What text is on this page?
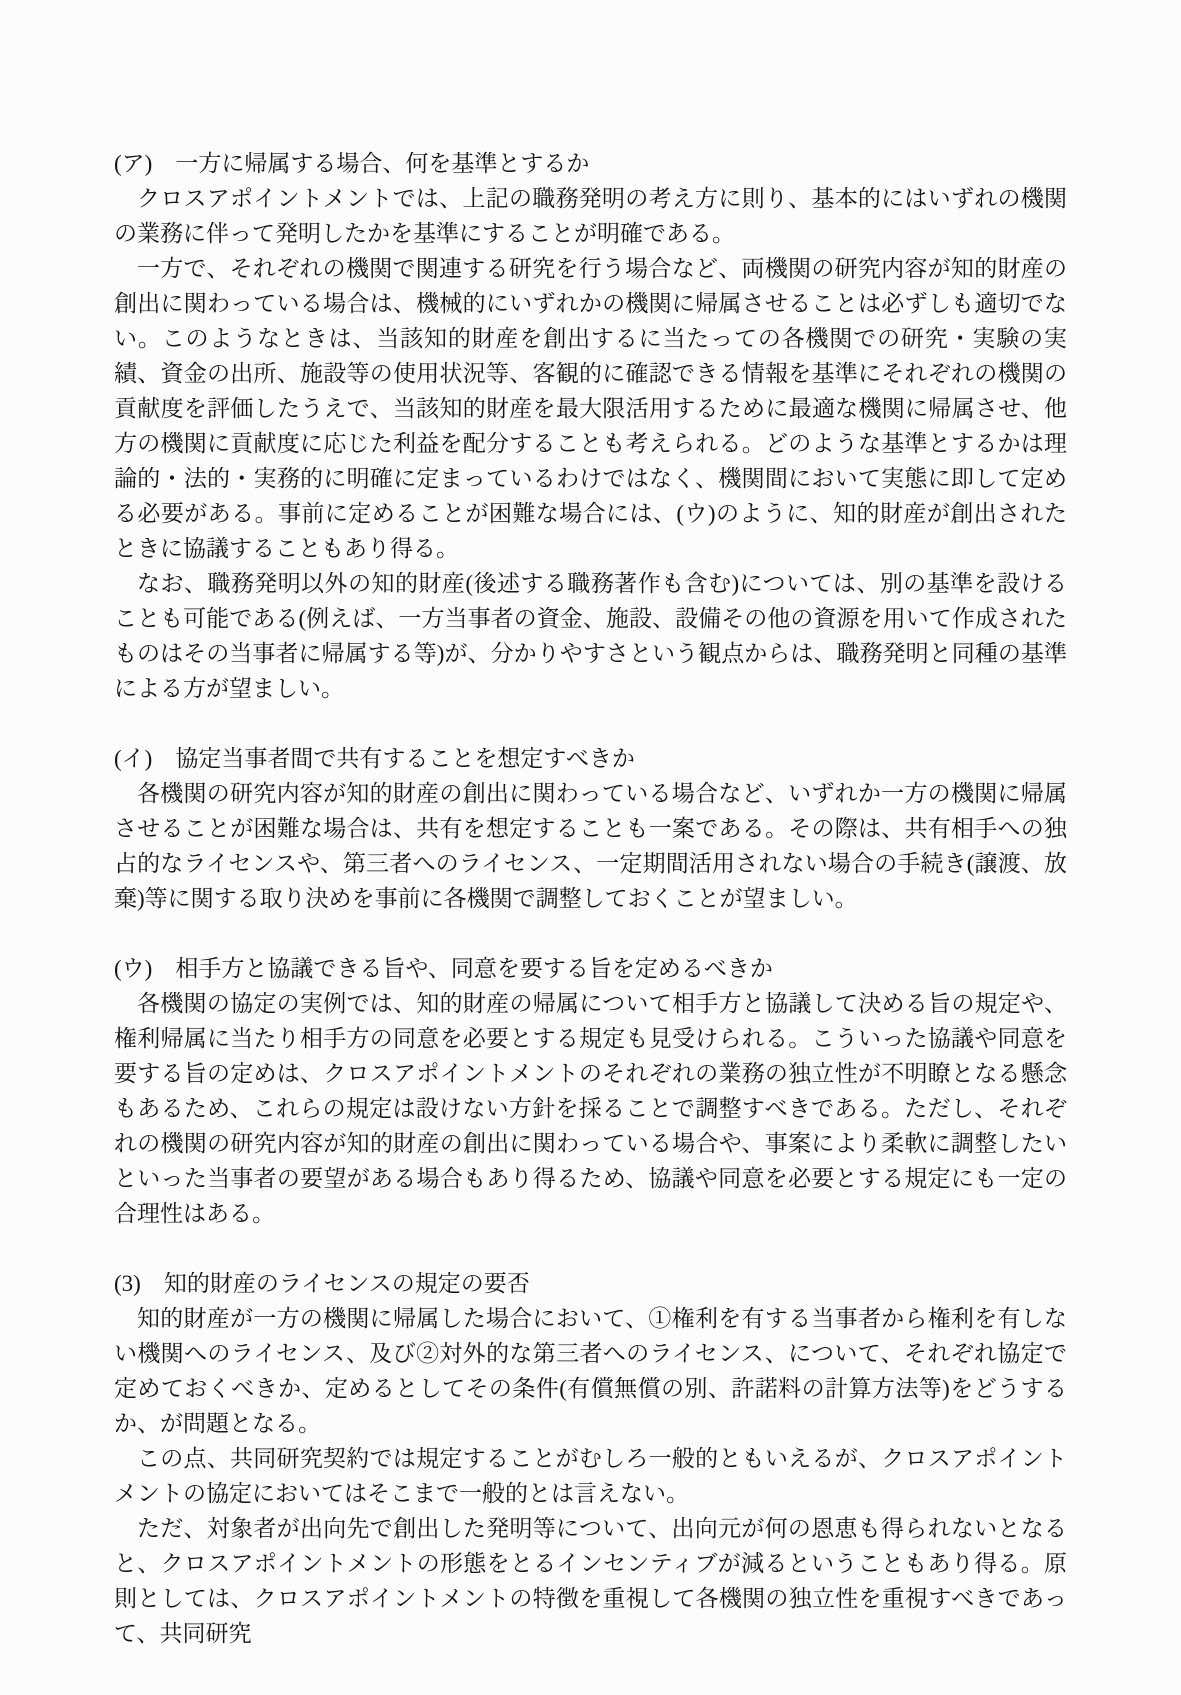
(ア)　一方に帰属する場合、何を基準とするか

クロスアポイントメントでは、上記の職務発明の考え方に則り、基本的にはいずれの機関の業務に伴って発明したかを基準にすることが明確である。

一方で、それぞれの機関で関連する研究を行う場合など、両機関の研究内容が知的財産の創出に関わっている場合は、機械的にいずれかの機関に帰属させることは必ずしも適切でない。このようなときは、当該知的財産を創出するに当たっての各機関での研究・実験の実績、資金の出所、施設等の使用状況等、客観的に確認できる情報を基準にそれぞれの機関の貢献度を評価したうえで、当該知的財産を最大限活用するために最適な機関に帰属させ、他方の機関に貢献度に応じた利益を配分することも考えられる。どのような基準とするかは理論的・法的・実務的に明確に定まっているわけではなく、機関間において実態に即して定める必要がある。事前に定めることが困難な場合には、(ウ)のように、知的財産が創出されたときに協議することもあり得る。

なお、職務発明以外の知的財産(後述する職務著作も含む)については、別の基準を設けることも可能である(例えば、一方当事者の資金、施設、設備その他の資源を用いて作成されたものはその当事者に帰属する等)が、分かりやすさという観点からは、職務発明と同種の基準による方が望ましい。

(イ)　協定当事者間で共有することを想定すべきか

各機関の研究内容が知的財産の創出に関わっている場合など、いずれか一方の機関に帰属させることが困難な場合は、共有を想定することも一案である。その際は、共有相手への独占的なライセンスや、第三者へのライセンス、一定期間活用されない場合の手続き(譲渡、放棄)等に関する取り決めを事前に各機関で調整しておくことが望ましい。

(ウ)　相手方と協議できる旨や、同意を要する旨を定めるべきか

各機関の協定の実例では、知的財産の帰属について相手方と協議して決める旨の規定や、権利帰属に当たり相手方の同意を必要とする規定も見受けられる。こういった協議や同意を要する旨の定めは、クロスアポイントメントのそれぞれの業務の独立性が不明瞭となる懸念もあるため、これらの規定は設けない方針を採ることで調整すべきである。ただし、それぞれの機関の研究内容が知的財産の創出に関わっている場合や、事案により柔軟に調整したいといった当事者の要望がある場合もあり得るため、協議や同意を必要とする規定にも一定の合理性はある。

(3)　知的財産のライセンスの規定の要否

知的財産が一方の機関に帰属した場合において、①権利を有する当事者から権利を有しない機関へのライセンス、及び②対外的な第三者へのライセンス、について、それぞれ協定で定めておくべきか、定めるとしてその条件(有償無償の別、許諾料の計算方法等)をどうするか、が問題となる。

この点、共同研究契約では規定することがむしろ一般的ともいえるが、クロスアポイントメントの協定においてはそこまで一般的とは言えない。

ただ、対象者が出向先で創出した発明等について、出向元が何の恩恵も得られないとなると、クロスアポイントメントの形態をとるインセンティブが減るということもあり得る。原則としては、クロスアポイントメントの特徴を重視して各機関の独立性を重視すべきであって、共同研究
